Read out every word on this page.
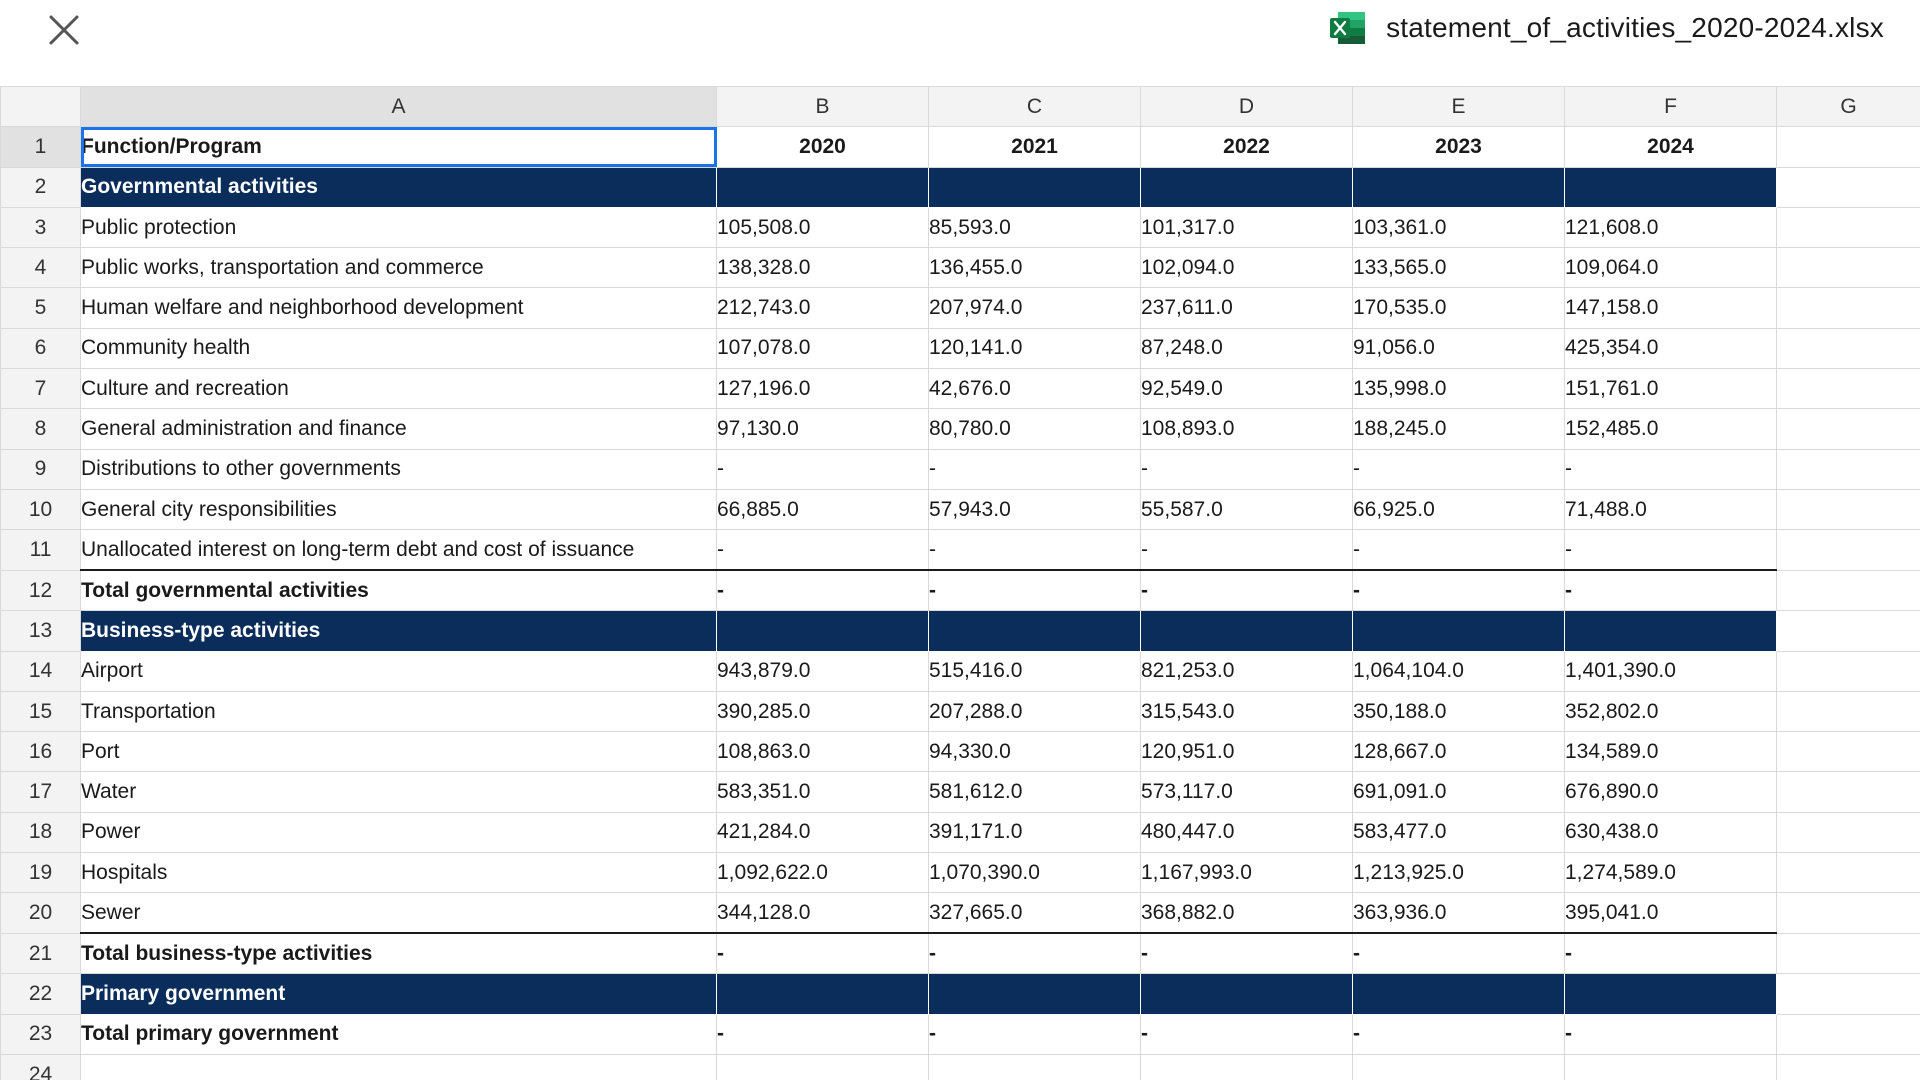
statement_of_activities_2020-2024.xlsx
	A	B	C	D	E	F	G
1	Function/Program	2020	2021	2022	2023	2024	
2	Governmental activities						
3	Public protection	105,508.0	85,593.0	101,317.0	103,361.0	121,608.0	
4	Public works, transportation and commerce	138,328.0	136,455.0	102,094.0	133,565.0	109,064.0	
5	Human welfare and neighborhood development	212,743.0	207,974.0	237,611.0	170,535.0	147,158.0	
6	Community health	107,078.0	120,141.0	87,248.0	91,056.0	425,354.0	
7	Culture and recreation	127,196.0	42,676.0	92,549.0	135,998.0	151,761.0	
8	General administration and finance	97,130.0	80,780.0	108,893.0	188,245.0	152,485.0	
9	Distributions to other governments	-	-	-	-	-	
10	General city responsibilities	66,885.0	57,943.0	55,587.0	66,925.0	71,488.0	
11	Unallocated interest on long-term debt and cost of issuance	-	-	-	-	-	
12	Total governmental activities	-	-	-	-	-	
13	Business-type activities						
14	Airport	943,879.0	515,416.0	821,253.0	1,064,104.0	1,401,390.0	
15	Transportation	390,285.0	207,288.0	315,543.0	350,188.0	352,802.0	
16	Port	108,863.0	94,330.0	120,951.0	128,667.0	134,589.0	
17	Water	583,351.0	581,612.0	573,117.0	691,091.0	676,890.0	
18	Power	421,284.0	391,171.0	480,447.0	583,477.0	630,438.0	
19	Hospitals	1,092,622.0	1,070,390.0	1,167,993.0	1,213,925.0	1,274,589.0	
20	Sewer	344,128.0	327,665.0	368,882.0	363,936.0	395,041.0	
21	Total business-type activities	-	-	-	-	-	
22	Primary government						
23	Total primary government	-	-	-	-	-	
24							
